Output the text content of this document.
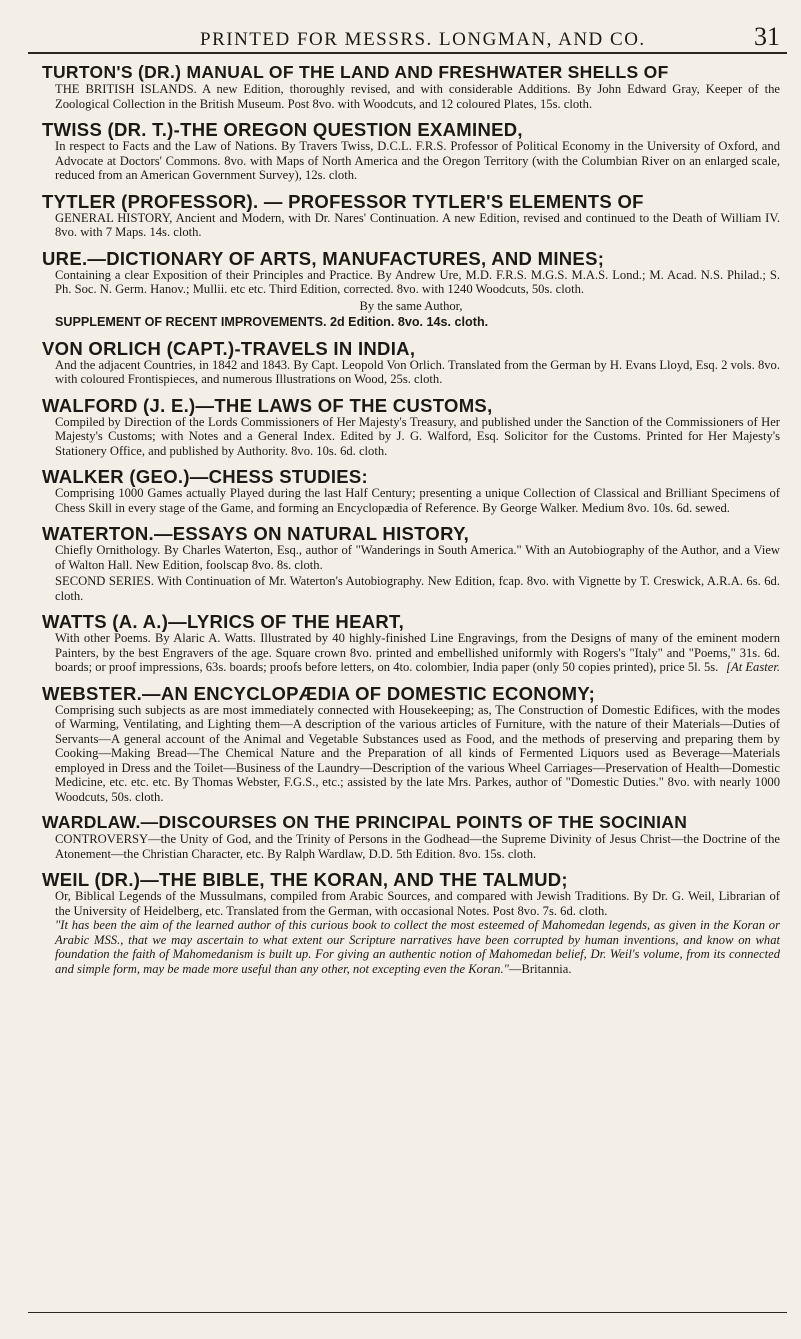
PRINTED FOR MESSRS. LONGMAN, AND CO.	31
TURTON'S (DR.) MANUAL OF THE LAND AND FRESHWATER SHELLS OF
THE BRITISH ISLANDS. A new Edition, thoroughly revised, and with considerable Additions. By John Edward Gray, Keeper of the Zoological Collection in the British Museum. Post 8vo. with Woodcuts, and 12 coloured Plates, 15s. cloth.
TWISS (DR. T.)-THE OREGON QUESTION EXAMINED,
In respect to Facts and the Law of Nations. By Travers Twiss, D.C.L. F.R.S. Professor of Political Economy in the University of Oxford, and Advocate at Doctors' Commons. 8vo. with Maps of North America and the Oregon Territory (with the Columbian River on an enlarged scale, reduced from an American Government Survey), 12s. cloth.
TYTLER (PROFESSOR). — PROFESSOR TYTLER'S ELEMENTS OF
GENERAL HISTORY, Ancient and Modern, with Dr. Nares' Continuation. A new Edition, revised and continued to the Death of William IV. 8vo. with 7 Maps. 14s. cloth.
URE.—DICTIONARY OF ARTS, MANUFACTURES, AND MINES;
Containing a clear Exposition of their Principles and Practice. By Andrew Ure, M.D. F.R.S. M.G.S. M.A.S. Lond.; M. Acad. N.S. Philad.; S. Ph. Soc. N. Germ. Hanov.; Mullii. etc etc. Third Edition, corrected. 8vo. with 1240 Woodcuts, 50s. cloth.
By the same Author,
SUPPLEMENT OF RECENT IMPROVEMENTS. 2d Edition. 8vo. 14s. cloth.
VON ORLICH (CAPT.)-TRAVELS IN INDIA,
And the adjacent Countries, in 1842 and 1843. By Capt. Leopold Von Orlich. Translated from the German by H. Evans Lloyd, Esq. 2 vols. 8vo. with coloured Frontispieces, and numerous Illustrations on Wood, 25s. cloth.
WALFORD (J. E.)—THE LAWS OF THE CUSTOMS,
Compiled by Direction of the Lords Commissioners of Her Majesty's Treasury, and published under the Sanction of the Commissioners of Her Majesty's Customs; with Notes and a General Index. Edited by J. G. Walford, Esq. Solicitor for the Customs. Printed for Her Majesty's Stationery Office, and published by Authority. 8vo. 10s. 6d. cloth.
WALKER (GEO.)—CHESS STUDIES:
Comprising 1000 Games actually Played during the last Half Century; presenting a unique Collection of Classical and Brilliant Specimens of Chess Skill in every stage of the Game, and forming an Encyclopædia of Reference. By George Walker. Medium 8vo. 10s. 6d. sewed.
WATERTON.—ESSAYS ON NATURAL HISTORY,
Chiefly Ornithology. By Charles Waterton, Esq., author of "Wanderings in South America." With an Autobiography of the Author, and a View of Walton Hall. New Edition, foolscap 8vo. 8s. cloth.
SECOND SERIES. With Continuation of Mr. Waterton's Autobiography. New Edition, fcap. 8vo. with Vignette by T. Creswick, A.R.A. 6s. 6d. cloth.
WATTS (A. A.)—LYRICS OF THE HEART,
With other Poems. By Alaric A. Watts. Illustrated by 40 highly-finished Line Engravings, from the Designs of many of the eminent modern Painters, by the best Engravers of the age. Square crown 8vo. printed and embellished uniformly with Rogers's "Italy" and "Poems," 31s. 6d. boards; or proof impressions, 63s. boards; proofs before letters, on 4to. colombier, India paper (only 50 copies printed), price 5l. 5s. [At Easter.
WEBSTER.—AN ENCYCLOPÆDIA OF DOMESTIC ECONOMY;
Comprising such subjects as are most immediately connected with Housekeeping; as, The Construction of Domestic Edifices, with the modes of Warming, Ventilating, and Lighting them—A description of the various articles of Furniture, with the nature of their Materials—Duties of Servants—A general account of the Animal and Vegetable Substances used as Food, and the methods of preserving and preparing them by Cooking—Making Bread—The Chemical Nature and the Preparation of all kinds of Fermented Liquors used as Beverage—Materials employed in Dress and the Toilet—Business of the Laundry—Description of the various Wheel Carriages—Preservation of Health—Domestic Medicine, etc. etc. etc. By Thomas Webster, F.G.S., etc.; assisted by the late Mrs. Parkes, author of "Domestic Duties." 8vo. with nearly 1000 Woodcuts, 50s. cloth.
WARDLAW.—DISCOURSES ON THE PRINCIPAL POINTS OF THE SOCINIAN
CONTROVERSY—the Unity of God, and the Trinity of Persons in the Godhead—the Supreme Divinity of Jesus Christ—the Doctrine of the Atonement—the Christian Character, etc. By Ralph Wardlaw, D.D. 5th Edition. 8vo. 15s. cloth.
WEIL (DR.)—THE BIBLE, THE KORAN, AND THE TALMUD;
Or, Biblical Legends of the Mussulmans, compiled from Arabic Sources, and compared with Jewish Traditions. By Dr. G. Weil, Librarian of the University of Heidelberg, etc. Translated from the German, with occasional Notes. Post 8vo. 7s. 6d. cloth.
"It has been the aim of the learned author of this curious book to collect the most esteemed of Mahomedan legends, as given in the Koran or Arabic MSS., that we may ascertain to what extent our Scripture narratives have been corrupted by human inventions, and know on what foundation the faith of Mahomedanism is built up. For giving an authentic notion of Mahomedan belief, Dr. Weil's volume, from its connected and simple form, may be made more useful than any other, not excepting even the Koran."—Britannia.
